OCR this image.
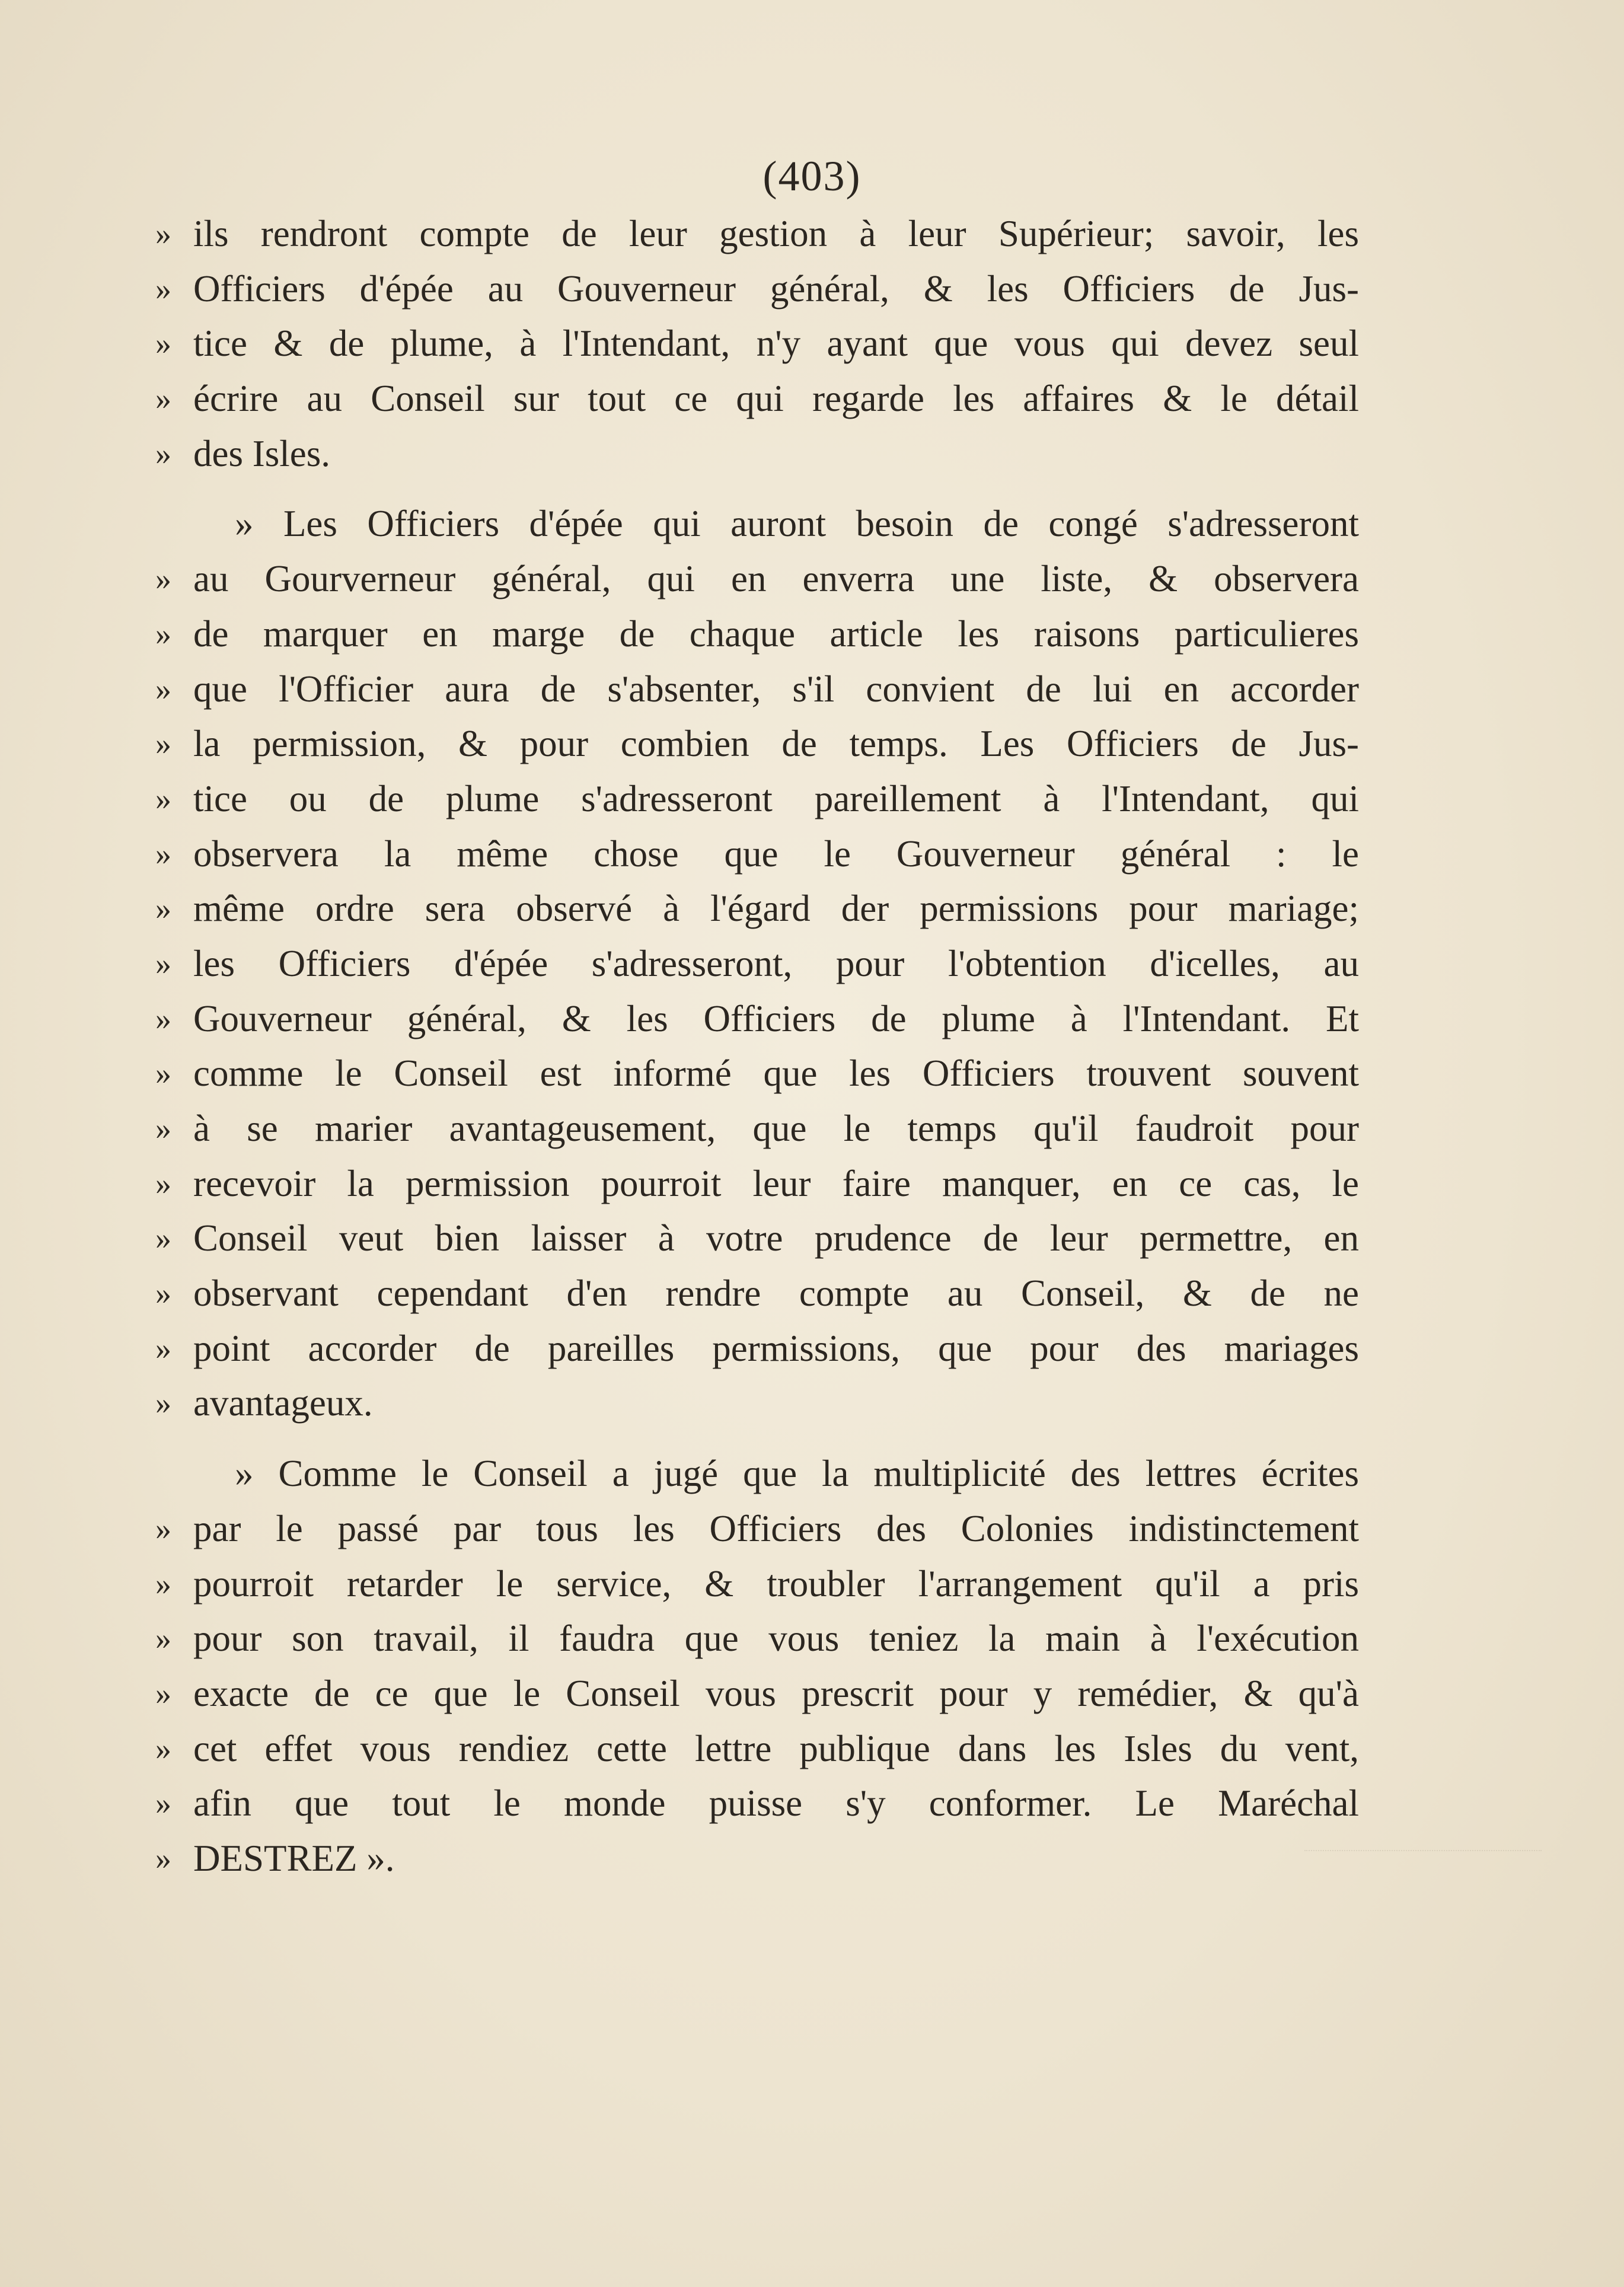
(403)
» ils rendront compte de leur gestion à leur Supérieur; savoir, les
» Officiers d'épée au Gouverneur général, & les Officiers de Jus-
» tice & de plume, à l'Intendant, n'y ayant que vous qui devez seul
» écrire au Conseil sur tout ce qui regarde les affaires & le détail
» des Isles.
» Les Officiers d'épée qui auront besoin de congé s'adresseront
» au Gourverneur général, qui en enverra une liste, & observera
» de marquer en marge de chaque article les raisons particulieres
» que l'Officier aura de s'absenter, s'il convient de lui en accorder
» la permission, & pour combien de temps. Les Officiers de Jus-
» tice ou de plume s'adresseront pareillement à l'Intendant, qui
» observera la même chose que le Gouverneur général : le
» même ordre sera observé à l'égard der permissions pour mariage;
» les Officiers d'épée s'adresseront, pour l'obtention d'icelles, au
» Gouverneur général, & les Officiers de plume à l'Intendant. Et
» comme le Conseil est informé que les Officiers trouvent souvent
» à se marier avantageusement, que le temps qu'il faudroit pour
» recevoir la permission pourroit leur faire manquer, en ce cas, le
» Conseil veut bien laisser à votre prudence de leur permettre, en
» observant cependant d'en rendre compte au Conseil, & de ne
» point accorder de pareilles permissions, que pour des mariages
» avantageux.
» Comme le Conseil a jugé que la multiplicité des lettres écrites
» par le passé par tous les Officiers des Colonies indistinctement
» pourroit retarder le service, & troubler l'arrangement qu'il a pris
» pour son travail, il faudra que vous teniez la main à l'exécution
» exacte de ce que le Conseil vous prescrit pour y remédier, & qu'à
» cet effet vous rendiez cette lettre publique dans les Isles du vent,
» afin que tout le monde puisse s'y conformer. Le Maréchal
» DESTREZ ».
